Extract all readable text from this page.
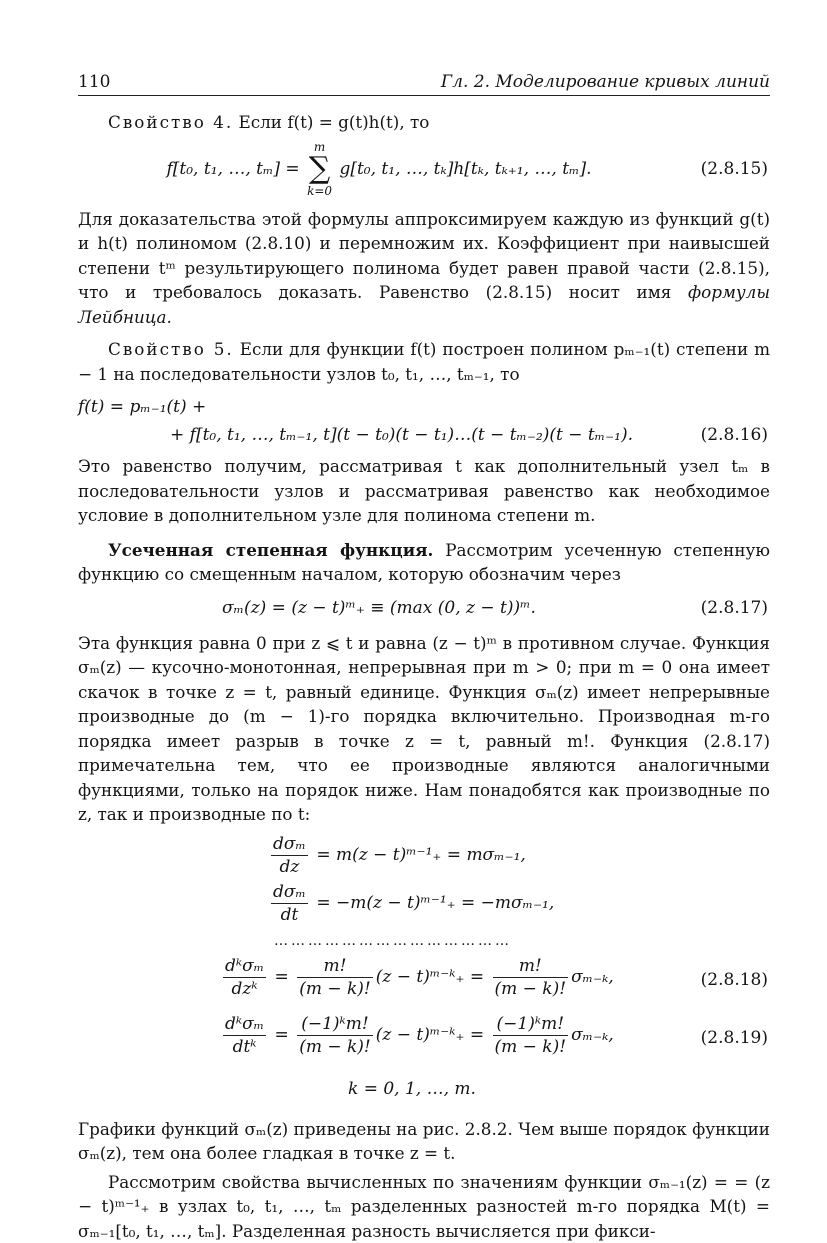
110	Гл. 2. Моделирование кривых линий

Свойство 4. Если f(t) = g(t)h(t), то

f[t₀, t₁, …, tₘ] =
m
∑
k=0
g[t₀, t₁, …, tₖ]h[tₖ, tₖ₊₁, …, tₘ].	(2.8.15)

Для доказательства этой формулы аппроксимируем каждую из функций g(t) и h(t) полиномом (2.8.10) и перемножим их. Коэффициент при наивысшей степени tᵐ результирующего полинома будет равен правой части (2.8.15), что и требовалось доказать. Равенство (2.8.15) носит имя формулы Лейбница.

Свойство 5. Если для функции f(t) построен полином pₘ₋₁(t) степени m − 1 на последовательности узлов t₀, t₁, …, tₘ₋₁, то

f(t) = pₘ₋₁(t) +
+ f[t₀, t₁, …, tₘ₋₁, t](t − t₀)(t − t₁)…(t − tₘ₋₂)(t − tₘ₋₁).	(2.8.16)

Это равенство получим, рассматривая t как дополнительный узел tₘ в последовательности узлов и рассматривая равенство как необходимое условие в дополнительном узле для полинома степени m.

Усеченная степенная функция. Рассмотрим усеченную степенную функцию со смещенным началом, которую обозначим через

σₘ(z) = (z − t)ᵐ₊ ≡ (max (0, z − t))ᵐ.	(2.8.17)

Эта функция равна 0 при z ⩽ t и равна (z − t)ᵐ в противном случае. Функция σₘ(z) — кусочно-монотонная, непрерывная при m > 0; при m = 0 она имеет скачок в точке z = t, равный единице. Функция σₘ(z) имеет непрерывные производные до (m − 1)-го порядка включительно. Производная m-го порядка имеет разрыв в точке z = t, равный m!. Функция (2.8.17) примечательна тем, что ее производные являются аналогичными функциями, только на порядок ниже. Нам понадобятся как производные по z, так и производные по t:

$\frac{\text{dσₘ}}{dz} = m(z$ − t)ᵐ⁻¹₊ = mσₘ₋₁,
$\frac{\text{dσₘ}}{dt} = -m(z$ − t)ᵐ⁻¹₊ = −mσₘ₋₁,
……………………………………
$\frac{\text{dᵏσₘ}}{\text{dzᵏ}} = \frac{m!}{(m - k)!} (z$ − t)ᵐ⁻ᵏ₊ = $\frac{m!}{(m - k)!} \sigma_{m-k}$,	(2.8.18)
$\frac{\text{dᵏσₘ}}{\text{dtᵏ}} = \frac{\text{(−1)ᵏm!}}{(m - k)!} (z$ − t)ᵐ⁻ᵏ₊ = $\frac{\text{(−1)ᵏm!}}{(m - k)!} \sigma_{m-k}$,	(2.8.19)
k = 0, 1, …, m.

Графики функций σₘ(z) приведены на рис. 2.8.2. Чем выше порядок функции σₘ(z), тем она более гладкая в точке z = t.

Рассмотрим свойства вычисленных по значениям функции σₘ₋₁(z) = = (z − t)ᵐ⁻¹₊ в узлах t₀, t₁, …, tₘ разделенных разностей m-го порядка M(t) = σₘ₋₁[t₀, t₁, …, tₘ]. Разделенная разность вычисляется при фикси-
